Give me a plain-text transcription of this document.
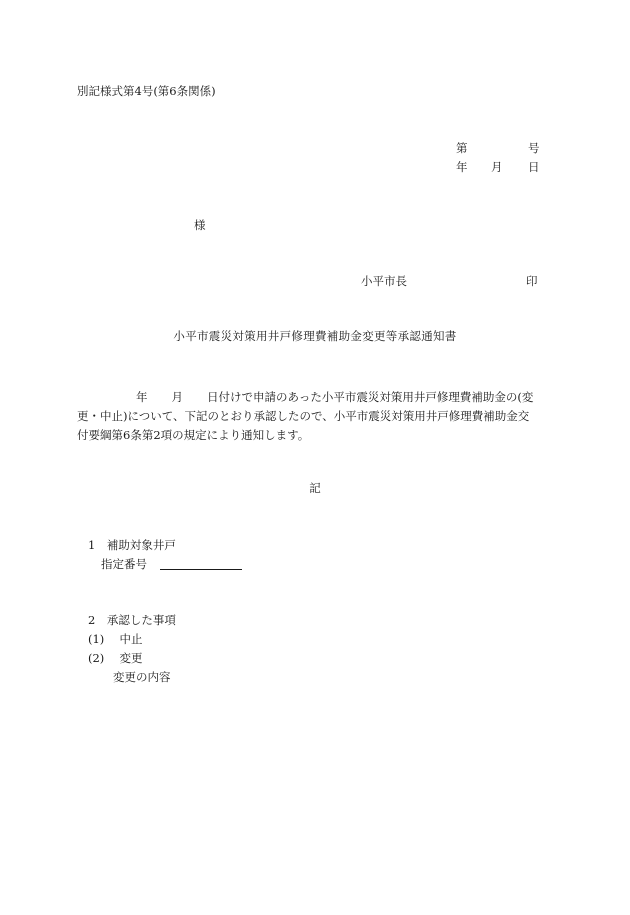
別記様式第4号(第6条関係)
第	号
年 月 日
様
小平市長	印
小平市震災対策用井戸修理費補助金変更等承認通知書
年 月 日付けで申請のあった小平市震災対策用井戸修理費補助金の(変
更・中止)について、下記のとおり承認したので、小平市震災対策用井戸修理費補助金交
付要綱第6条第2項の規定により通知します。
記
1　補助対象井戸
指定番号
2　承認した事項
(1)　 中止
(2)　 変更
変更の内容
